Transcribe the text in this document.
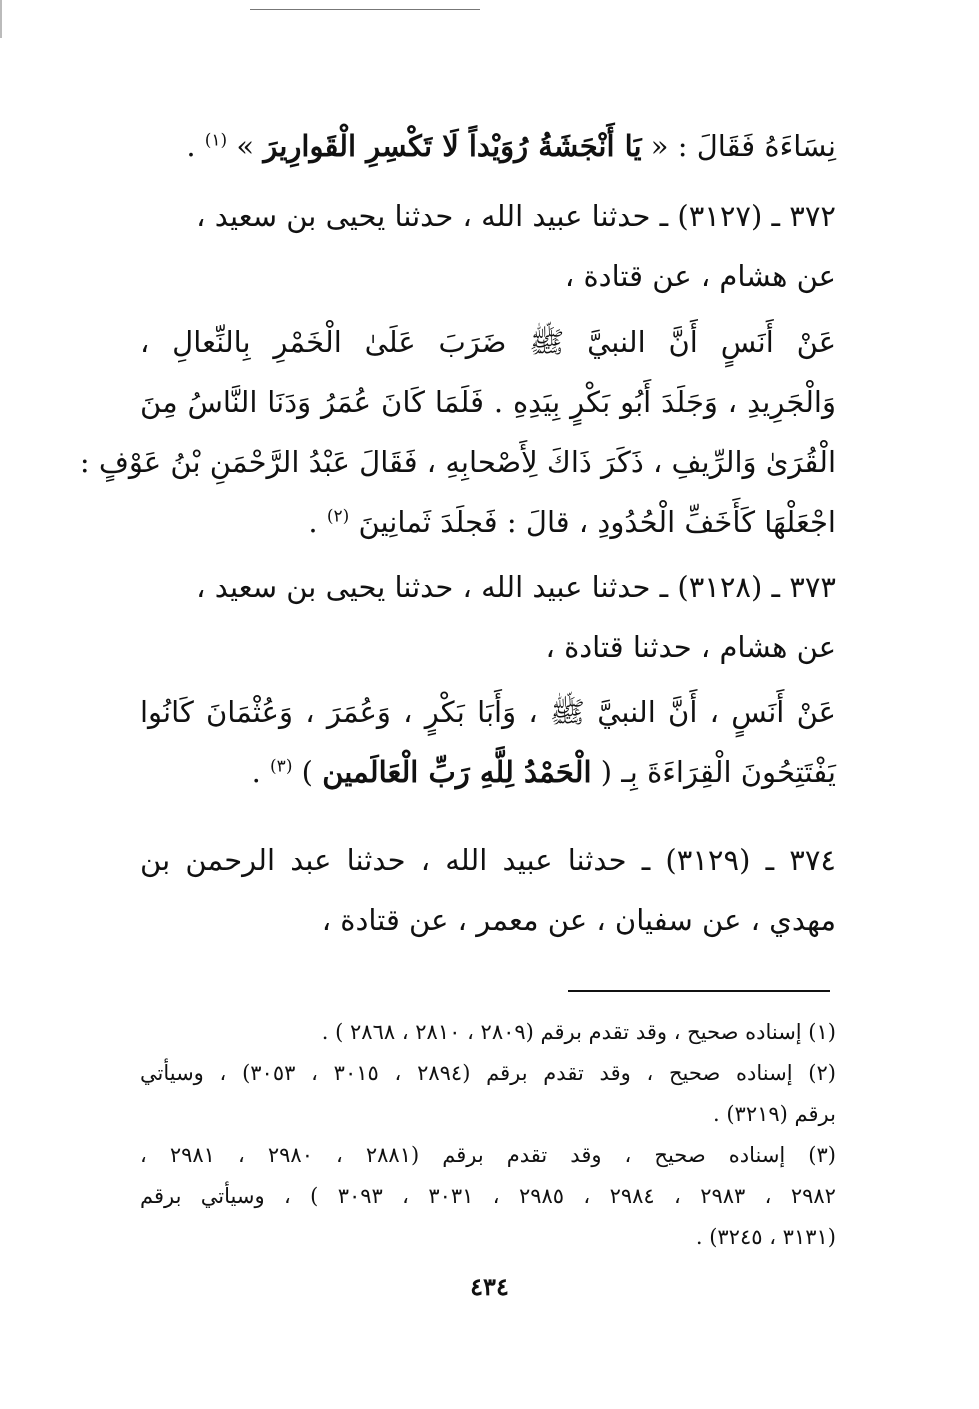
نِسَاءَهُ فَقَالَ : « يَا أَنْجَشَةُ رُوَيْداً لَا تَكْسِرِ الْقَوارِيرَ » $^{(١)}$ .
٣٧٢ ـ (٣١٢٧) ـ حدثنا عبيد الله ، حدثنا يحيى بن سعيد ،
عن هشام ، عن قتادة ،
عَنْ أَنَسٍ أَنَّ النبيَّ ﷺ ضَرَبَ عَلَىٰ الْخَمْرِ بِالنِّعالِ ،
وَالْجَرِيدِ ، وَجَلَدَ أَبُو بَكْرٍ بِيَدِهِ . فَلَمَا كَانَ عُمَرُ وَدَنَا النَّاسُ مِنَ
الْقُرَىٰ وَالرِّيفِ ، ذَكَرَ ذَاكَ لِأَصْحابِهِ ، فَقَالَ عَبْدُ الرَّحْمَنِ بْنُ عَوْفٍ :
اجْعَلْهَا كَأَخَفِّ الْحُدُودِ ، قالَ : فَجلَدَ ثَمانِينَ $^{(٢)}$ .
٣٧٣ ـ (٣١٢٨) ـ حدثنا عبيد الله ، حدثنا يحيى بن سعيد ،
عن هشام ، حدثنا قتادة ،
عَنْ أَنَسٍ ، أَنَّ النبيَّ ﷺ ، وَأَبَا بَكْرٍ ، وَعُمَرَ ، وَعُثْمَانَ كَانُوا
يَفْتَتِحُونَ الْقِرَاءَةَ بِـ ( الْحَمْدُ لِلَّهِ رَبِّ الْعَالَمين ) $^{(٣)}$ .
٣٧٤ ـ (٣١٢٩) ـ حدثنا عبيد الله ، حدثنا عبد الرحمن بن
مهدي ، عن سفيان ، عن معمر ، عن قتادة ،
(١) إسناده صحيح ، وقد تقدم برقم (٢٨٠٩ ، ٢٨١٠ ، ٢٨٦٨ ) .
(٢) إسناده صحيح ، وقد تقدم برقم (٢٨٩٤ ، ٣٠١٥ ، ٣٠٥٣) ، وسيأتي
برقم (٣٢١٩) .
(٣) إسناده صحيح ، وقد تقدم برقم (٢٨٨١ ، ٢٩٨٠ ، ٢٩٨١ ،
٢٩٨٢ ، ٢٩٨٣ ، ٢٩٨٤ ، ٢٩٨٥ ، ٣٠٣١ ، ٣٠٩٣ ) ، وسيأتي برقم
(٣١٣١ ، ٣٢٤٥) .
٤٣٤
